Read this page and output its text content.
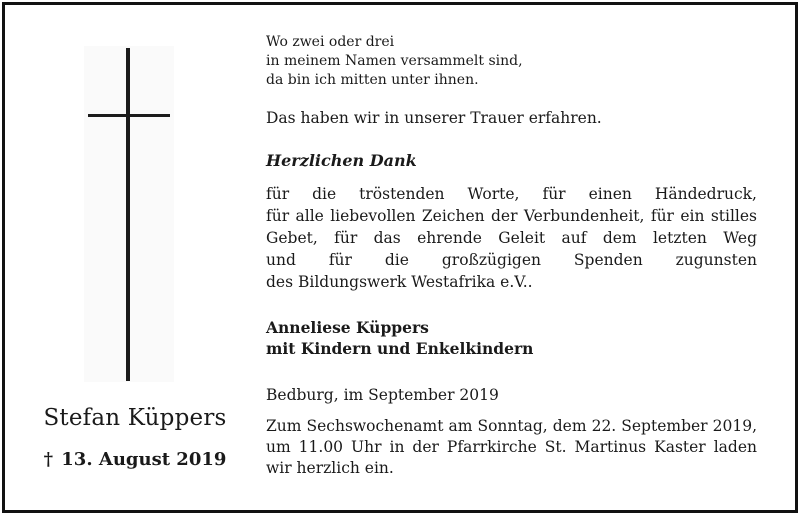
Stefan Küppers
† 13. August 2019
Wo zwei oder drei
in meinem Namen versammelt sind,
da bin ich mitten unter ihnen.
Das haben wir in unserer Trauer erfahren.
Herzlichen Dank
für die tröstenden Worte, für einen Händedruck,
für alle liebevollen Zeichen der Verbundenheit, für ein stilles
Gebet, für das ehrende Geleit auf dem letzten Weg
und für die großzügigen Spenden zugunsten
des Bildungswerk Westafrika e.V..
Anneliese Küppers
mit Kindern und Enkelkindern
Bedburg, im September 2019
Zum Sechswochenamt am Sonntag, dem 22. September 2019,
um 11.00 Uhr in der Pfarrkirche St. Martinus Kaster laden
wir herzlich ein.
